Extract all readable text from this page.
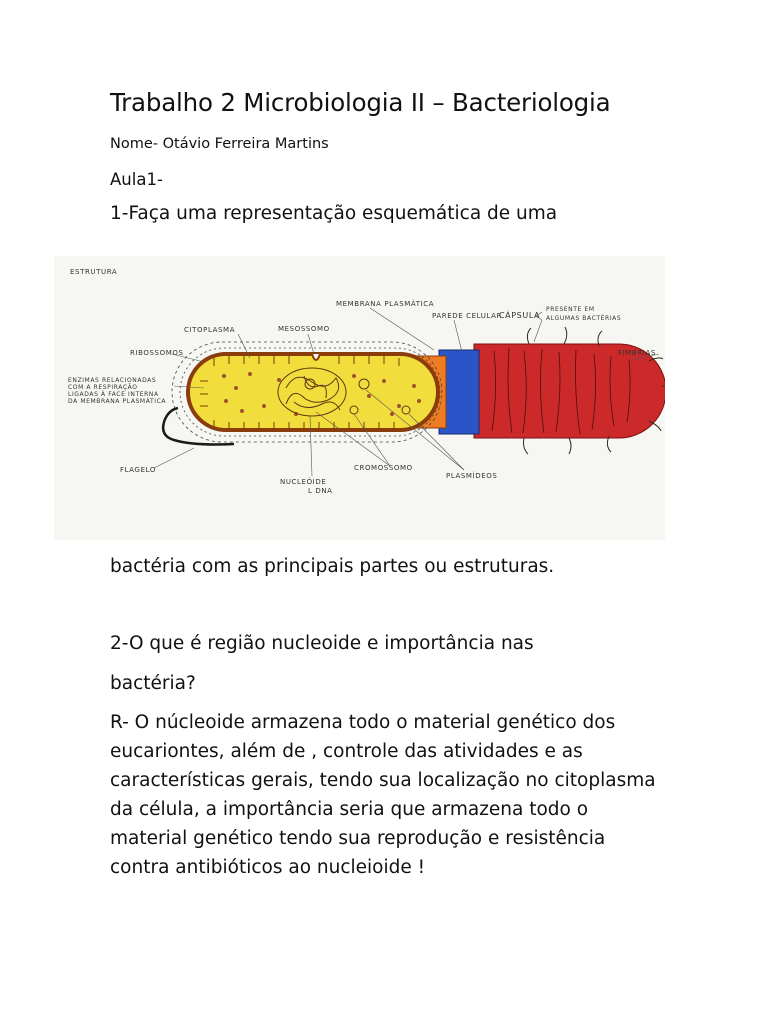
Trabalho 2 Microbiologia II – Bacteriologia
Nome- Otávio Ferreira Martins
Aula1-
1-Faça uma representação esquemática de uma
ESTRUTURA
MEMBRANA PLASMÁTICA
PAREDE CELULAR
CÁPSULA
PRESENTE EM
ALGUMAS BACTÉRIAS
CITOPLASMA	MESOSSOMO
RIBOSSOMOS	FÍMBRIAS
ENZIMAS RELACIONADAS
COM A RESPIRAÇÃO
LIGADAS À FACE INTERNA
DA MEMBRANA PLASMÁTICA
FLAGELO	CROMOSSOMO
PLASMÍDEOS
NUCLEÓIDE
L DNA
bactéria com as principais partes ou estruturas.
2-O que é região nucleoide e importância nas
bactéria?
R- O núcleoide armazena todo o material genético dos
eucariontes, além de , controle das atividades e as
características gerais, tendo sua localização no citoplasma
da célula, a importância seria que armazena todo o
material genético tendo sua reprodução e resistência
contra antibióticos ao nucleioide !
